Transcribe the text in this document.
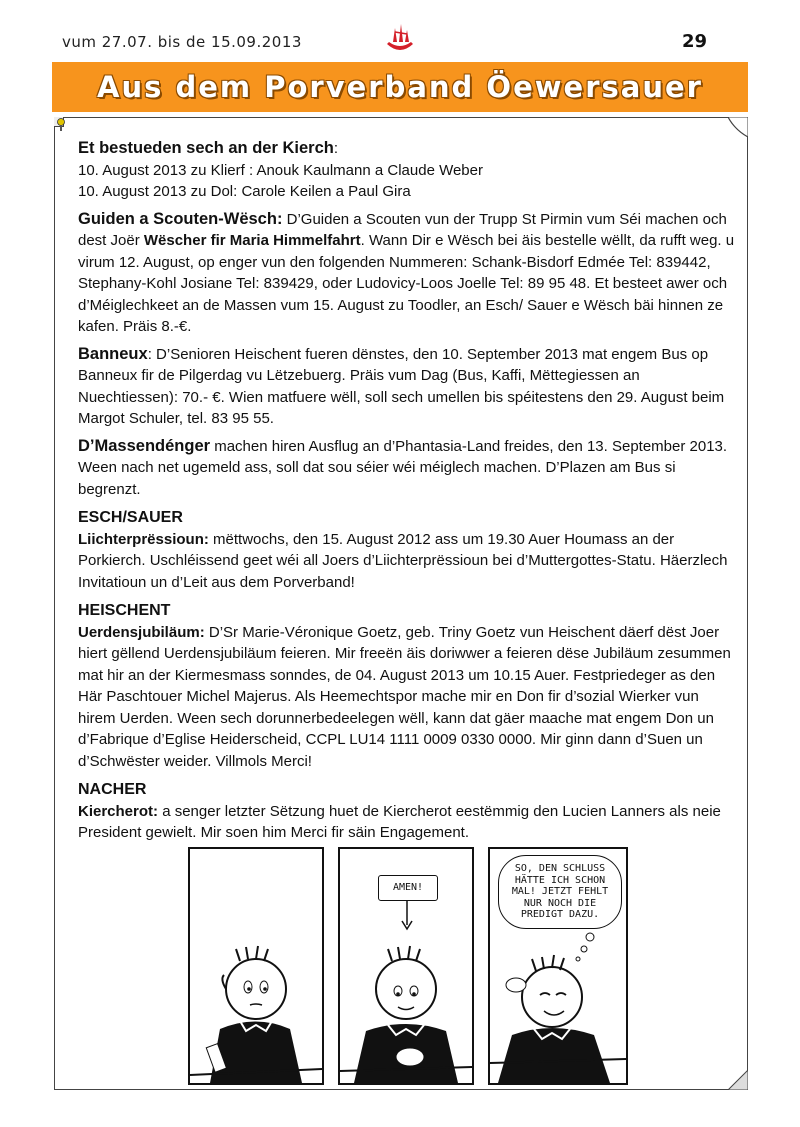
vum 27.07. bis de 15.09.2013	29
Aus dem Porverband Öewersauer

Et bestueden sech an der Kierch:

10. August 2013 zu Klierf : Anouk Kaulmann a Claude Weber

10. August 2013 zu Dol: Carole Keilen a Paul Gira

Guiden a Scouten-Wësch: D’Guiden a Scouten vun der Trupp St Pirmin vum Séi machen och dest Joër Wëscher fir Maria Himmelfahrt. Wann Dir e Wësch bei äis bestelle wëllt, da rufft weg. u virum 12. August, op enger vun den folgenden Nummeren: Schank-Bisdorf Edmée Tel: 839442, Stephany-Kohl Josiane Tel: 839429, oder Ludovicy-Loos Joelle Tel: 89 95 48. Et besteet awer och d’Méiglechkeet an de Massen vum 15. August zu Toodler, an Esch/ Sauer e Wësch bäi hinnen ze kafen. Präis 8.-€.

Banneux: D’Senioren Heischent fueren dënstes, den 10. September 2013 mat engem Bus op Banneux fir de Pilgerdag vu Lëtzebuerg. Präis vum Dag (Bus, Kaffi, Mëttegiessen an Nuechtiessen): 70.- €. Wien matfuere wëll, soll sech umellen bis spéitestens den 29. August beim Margot Schuler, tel. 83 95 55.

D’Massendénger machen hiren Ausflug an d’Phantasia-Land freides, den 13. September 2013. Ween nach net ugemeld ass, soll dat sou séier wéi méiglech machen. D’Plazen am Bus si begrenzt.

ESCH/SAUER

Liichterprëssioun: mëttwochs, den 15. August 2012 ass um 19.30 Auer Houmass an der Porkierch. Uschléissend geet wéi all Joers d’Liichterprëssioun bei d’Muttergottes-Statu. Häerzlech Invitatioun un d’Leit aus dem Porverband!

HEISCHENT

Uerdensjubiläum: D’Sr Marie-Véronique Goetz, geb. Triny Goetz vun Heischent däerf dëst Joer hiert gëllend Uerdensjubiläum feieren. Mir freeën äis doriwwer a feieren dëse Jubiläum zesummen mat hir an der Kiermesmass sonndes, de 04. August 2013 um 10.15 Auer. Festpriedeger as den Här Paschtouer Michel Majerus. Als Heemechtspor mache mir en Don fir d’sozial Wierker vun hirem Uerden. Ween sech dorunnerbedeelegen wëll, kann dat gäer maache mat engem Don un d’Fabrique d’Eglise Heiderscheid, CCPL LU14 1111 0009 0330 0000. Mir ginn dann d’Suen un d’Schwëster weider. Villmols Merci!

NACHER

Kiercherot: a senger letzter Sëtzung huet de Kiercherot eestëmmig den Lucien Lanners als neie President gewielt. Mir soen him Merci fir säin Engagement.

AMEN!
SO, DEN SCHLUSS
HÄTTE ICH SCHON
MAL! JETZT FEHLT
NUR NOCH DIE
PREDIGT DAZU.
